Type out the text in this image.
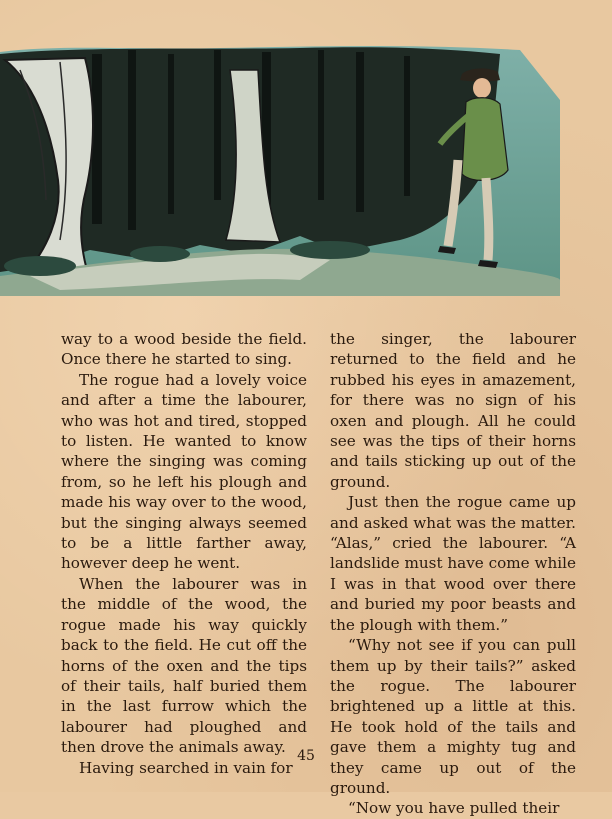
way to a wood beside the field. Once there he started to sing.

The rogue had a lovely voice and after a time the labourer, who was hot and tired, stopped to listen. He wanted to know where the singing was coming from, so he left his plough and made his way over to the wood, but the singing always seemed to be a little farther away, however deep he went.

When the labourer was in the middle of the wood, the rogue made his way quickly back to the field. He cut off the horns of the oxen and the tips of their tails, half buried them in the last furrow which the labourer had ploughed and then drove the animals away.

Having searched in vain for

the singer, the labourer returned to the field and he rubbed his eyes in amazement, for there was no sign of his oxen and plough. All he could see was the tips of their horns and tails sticking up out of the ground.

Just then the rogue came up and asked what was the matter. “Alas,” cried the labourer. “A landslide must have come while I was in that wood over there and buried my poor beasts and the plough with them.”

“Why not see if you can pull them up by their tails?” asked the rogue. The labourer brightened up a little at this. He took hold of the tails and gave them a mighty tug and they came up out of the ground.

“Now you have pulled their

45
